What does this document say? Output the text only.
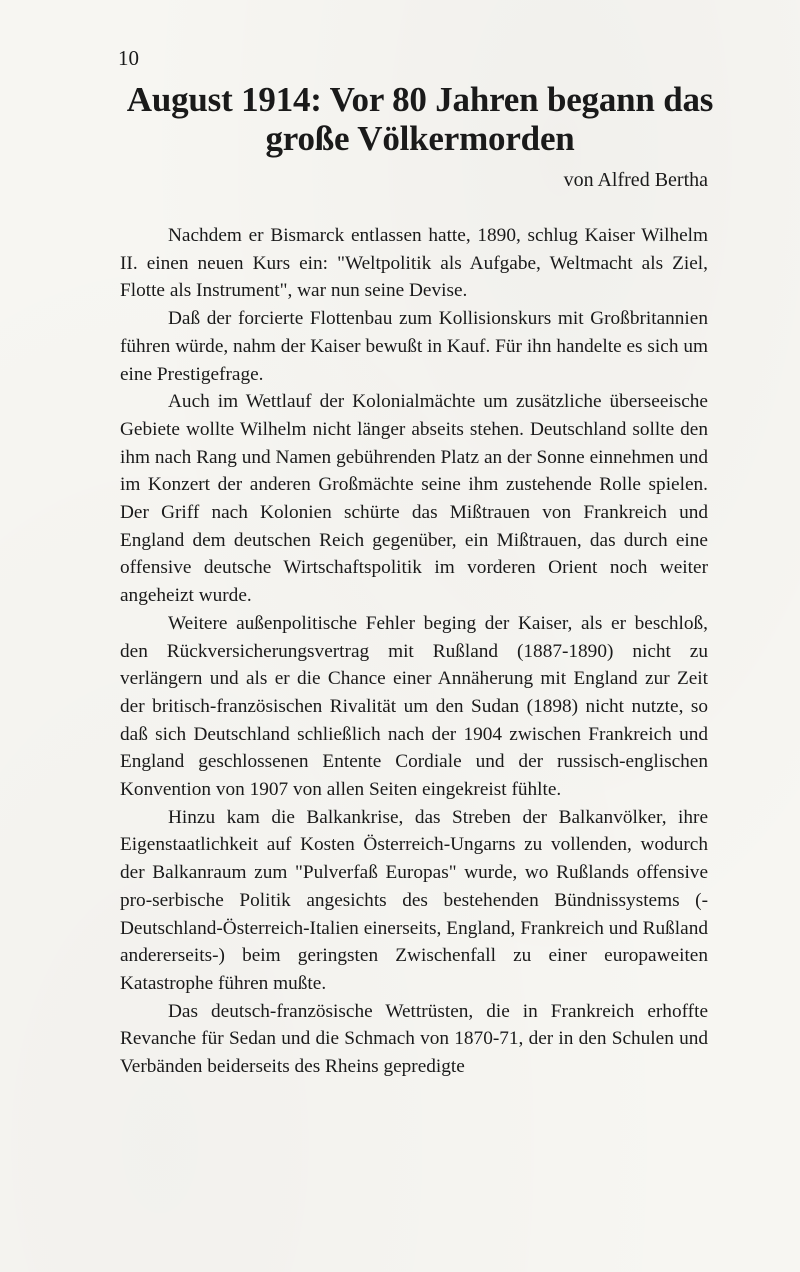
10
August 1914: Vor 80 Jahren begann das große Völkermorden
von Alfred Bertha

Nachdem er Bismarck entlassen hatte, 1890, schlug Kaiser Wilhelm II. einen neuen Kurs ein: "Weltpolitik als Aufgabe, Weltmacht als Ziel, Flotte als Instrument", war nun seine Devise.

Daß der forcierte Flottenbau zum Kollisionskurs mit Großbritannien führen würde, nahm der Kaiser bewußt in Kauf. Für ihn handelte es sich um eine Prestigefrage.

Auch im Wettlauf der Kolonialmächte um zusätzliche überseeische Gebiete wollte Wilhelm nicht länger abseits stehen. Deutschland sollte den ihm nach Rang und Namen gebührenden Platz an der Sonne einnehmen und im Konzert der anderen Großmächte seine ihm zustehende Rolle spielen. Der Griff nach Kolonien schürte das Mißtrauen von Frankreich und England dem deutschen Reich gegenüber, ein Mißtrauen, das durch eine offensive deutsche Wirtschaftspolitik im vorderen Orient noch weiter angeheizt wurde.

Weitere außenpolitische Fehler beging der Kaiser, als er beschloß, den Rückversicherungsvertrag mit Rußland (1887-1890) nicht zu verlängern und als er die Chance einer Annäherung mit England zur Zeit der britisch-französischen Rivalität um den Sudan (1898) nicht nutzte, so daß sich Deutschland schließlich nach der 1904 zwischen Frankreich und England geschlossenen Entente Cordiale und der russisch-englischen Konvention von 1907 von allen Seiten eingekreist fühlte.

Hinzu kam die Balkankrise, das Streben der Balkanvölker, ihre Eigenstaatlichkeit auf Kosten Österreich-Ungarns zu vollenden, wodurch der Balkanraum zum "Pulverfaß Europas" wurde, wo Rußlands offensive pro-serbische Politik angesichts des bestehenden Bündnissystems (-Deutschland-Österreich-Italien einerseits, England, Frankreich und Rußland andererseits-) beim geringsten Zwischenfall zu einer europaweiten Katastrophe führen mußte.

Das deutsch-französische Wettrüsten, die in Frankreich erhoffte Revanche für Sedan und die Schmach von 1870-71, der in den Schulen und Verbänden beiderseits des Rheins gepredigte
